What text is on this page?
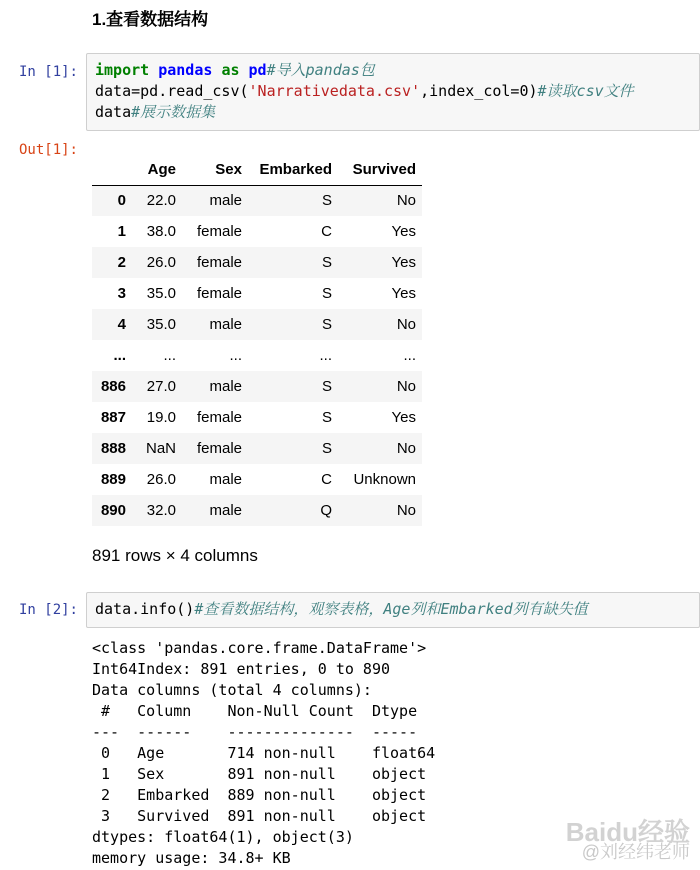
1.查看数据结构
In [1]:	import pandas as pd#导入pandas包
data=pd.read_csv('Narrativedata.csv',index_col=0)#读取csv文件
data#展示数据集
Out[1]:
	Age	Sex	Embarked	Survived
0	22.0	male	S	No
1	38.0	female	C	Yes
2	26.0	female	S	Yes
3	35.0	female	S	Yes
4	35.0	male	S	No
...	...	...	...	...
886	27.0	male	S	No
887	19.0	female	S	Yes
888	NaN	female	S	No
889	26.0	male	C	Unknown
890	32.0	male	Q	No
891 rows × 4 columns
In [2]:	data.info()#查看数据结构，观察表格，Age列和Embarked列有缺失值
<class 'pandas.core.frame.DataFrame'>
Int64Index: 891 entries, 0 to 890
Data columns (total 4 columns):
#   Column    Non-Null Count  Dtype
---  ------    --------------  -----
0   Age       714 non-null    float64
1   Sex       891 non-null    object
2   Embarked  889 non-null    object
3   Survived  891 non-null    object
dtypes: float64(1), object(3)
memory usage: 34.8+ KB
Baidu经验
@刘经纬老师
